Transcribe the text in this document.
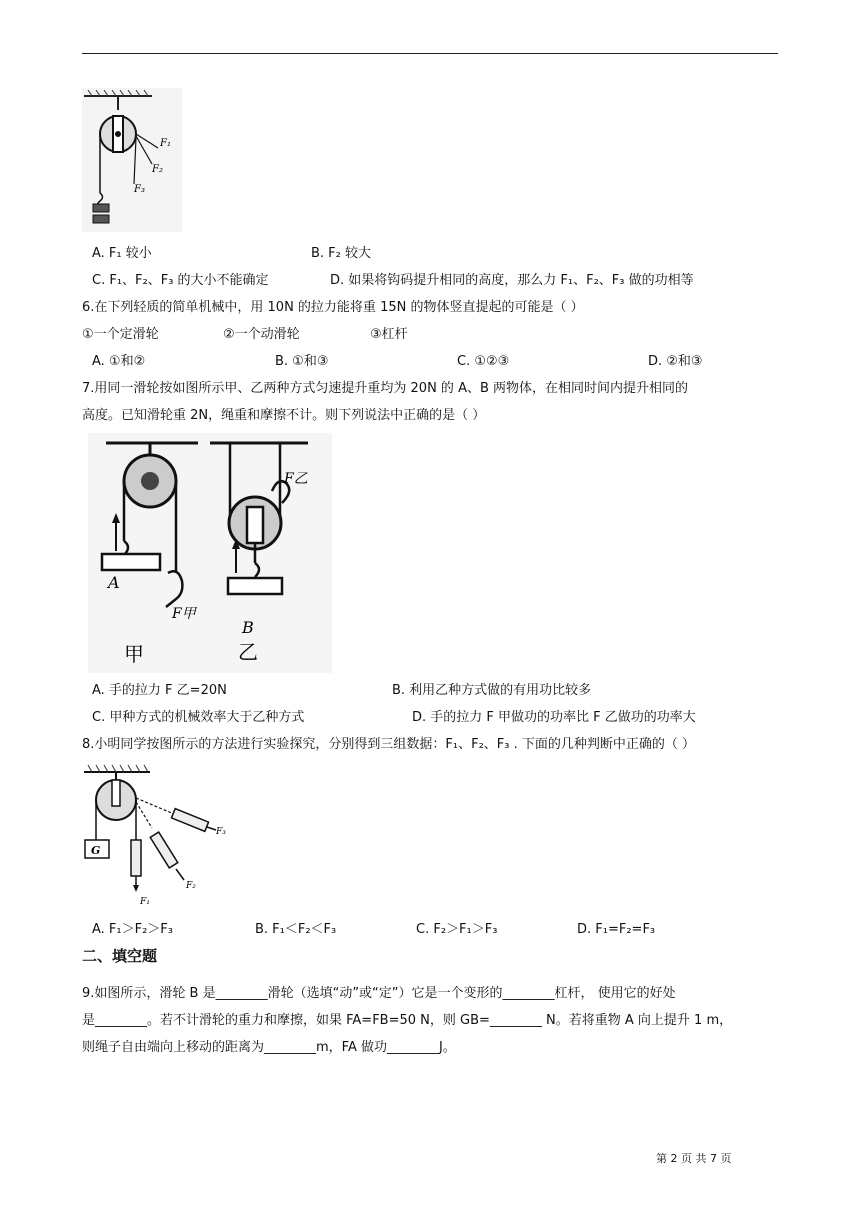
F₁
F₂
F₃
A. F₁ 较小	B. F₂ 较大
C. F₁、F₂、F₃ 的大小不能确定	D. 如果将钩码提升相同的高度，那么力 F₁、F₂、F₃ 做的功相等
6.在下列轻质的简单机械中，用 10N 的拉力能将重 15N 的物体竖直提起的可能是（ ）
①一个定滑轮	②一个动滑轮	③杠杆
A. ①和②	B. ①和③	C. ①②③	D. ②和③
7.用同一滑轮按如图所示甲、乙两种方式匀速提升重均为 20N 的 A、B 两物体，在相同时间内提升相同的
高度。已知滑轮重 2N，绳重和摩擦不计。则下列说法中正确的是（ ）
A
F甲
甲
F乙
B
乙
A. 手的拉力 F 乙=20N	B. 利用乙种方式做的有用功比较多
C. 甲种方式的机械效率大于乙种方式	D. 手的拉力 F 甲做功的功率比 F 乙做功的功率大
8.小明同学按图所示的方法进行实验探究，分别得到三组数据：F₁、F₂、F₃ . 下面的几种判断中正确的（ ）
G
F₁
F₂
F₃
A. F₁＞F₂＞F₃	B. F₁＜F₂＜F₃	C. F₂＞F₁＞F₃	D. F₁=F₂=F₃
二、填空题
9.如图所示，滑轮 B 是________滑轮（选填“动”或“定”）它是一个变形的________杠杆， 使用它的好处
是________。若不计滑轮的重力和摩擦，如果 FA=FB=50 N，则 GB=________ N。若将重物 A 向上提升 1 m，
则绳子自由端向上移动的距离为________m，FA 做功________J。
第 2 页 共 7 页
